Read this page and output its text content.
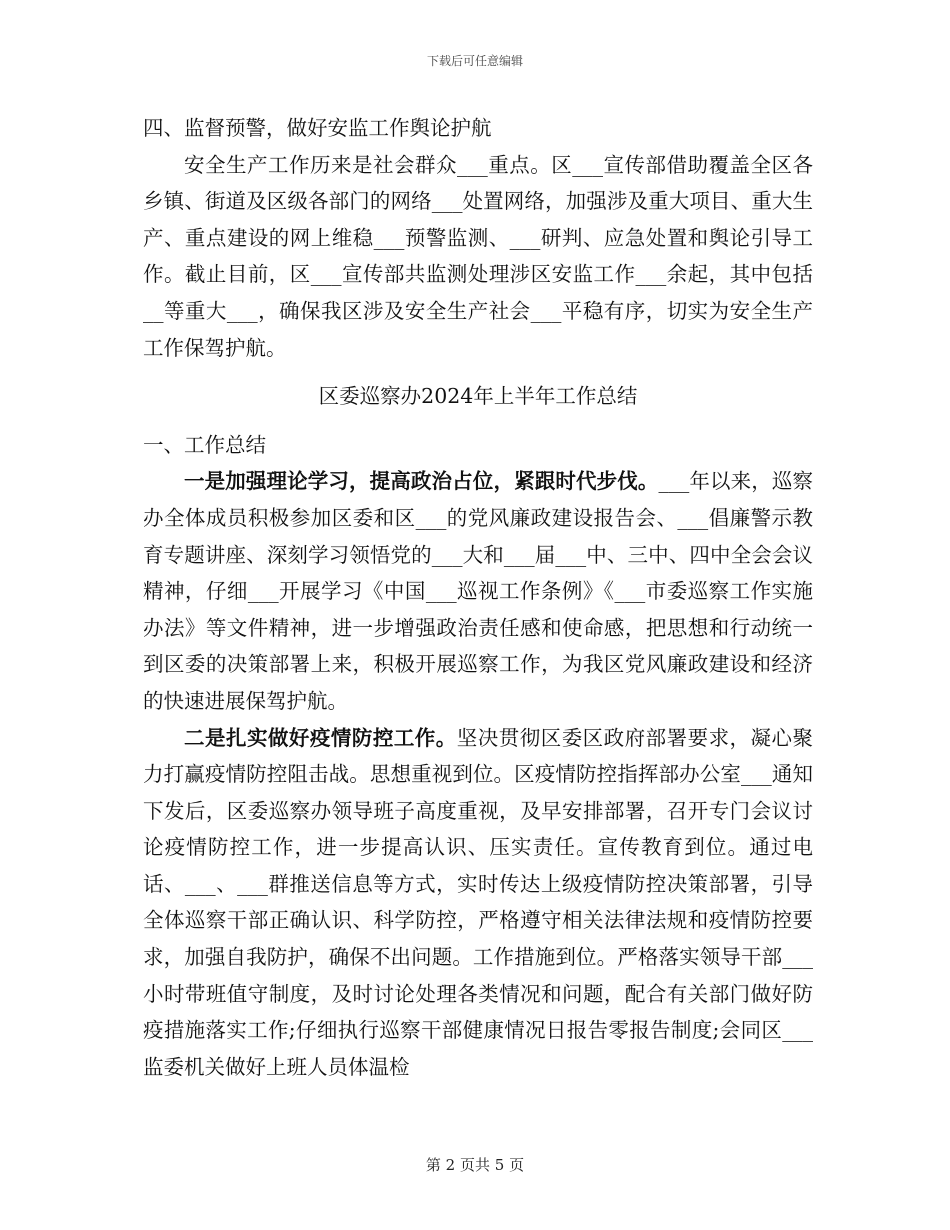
下载后可任意编辑
四、监督预警，做好安监工作舆论护航

安全生产工作历来是社会群众___重点。区___宣传部借助覆盖全区各乡镇、街道及区级各部门的网络___处置网络，加强涉及重大项目、重大生产、重点建设的网上维稳___预警监测、___研判、应急处置和舆论引导工作。截止目前，区___宣传部共监测处理涉区安监工作___余起，其中包括__等重大___，确保我区涉及安全生产社会___平稳有序，切实为安全生产工作保驾护航。

区委巡察办2024年上半年工作总结
一、工作总结

一是加强理论学习，提高政治占位，紧跟时代步伐。___年以来，巡察办全体成员积极参加区委和区___的党风廉政建设报告会、___倡廉警示教育专题讲座、深刻学习领悟党的___大和___届___中、三中、四中全会会议精神，仔细___开展学习《中国___巡视工作条例》《___市委巡察工作实施办法》等文件精神，进一步增强政治责任感和使命感，把思想和行动统一到区委的决策部署上来，积极开展巡察工作，为我区党风廉政建设和经济的快速进展保驾护航。

二是扎实做好疫情防控工作。坚决贯彻区委区政府部署要求，凝心聚力打赢疫情防控阻击战。思想重视到位。区疫情防控指挥部办公室___通知下发后，区委巡察办领导班子高度重视，及早安排部署，召开专门会议讨论疫情防控工作，进一步提高认识、压实责任。宣传教育到位。通过电话、___、___群推送信息等方式，实时传达上级疫情防控决策部署，引导全体巡察干部正确认识、科学防控，严格遵守相关法律法规和疫情防控要求，加强自我防护，确保不出问题。工作措施到位。严格落实领导干部___小时带班值守制度，及时讨论处理各类情况和问题，配合有关部门做好防疫措施落实工作;仔细执行巡察干部健康情况日报告零报告制度;会同区___监委机关做好上班人员体温检

第 2 页共 5 页
